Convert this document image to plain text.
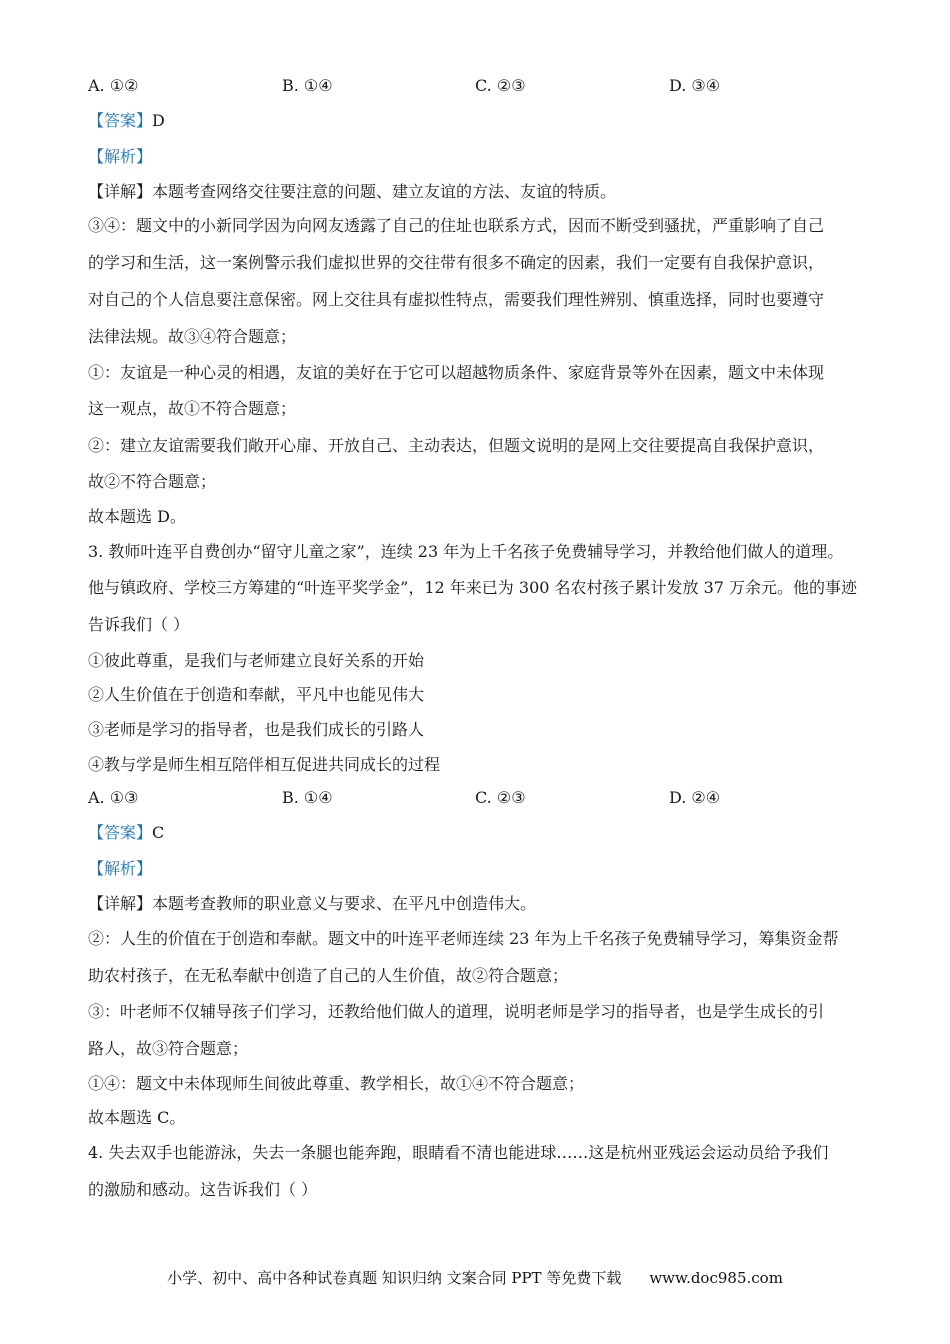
A. ①②	B. ①④	C. ②③	D. ③④
【答案】D
【解析】
【详解】本题考查网络交往要注意的问题、建立友谊的方法、友谊的特质。
③④：题文中的小新同学因为向网友透露了自己的住址也联系方式，因而不断受到骚扰，严重影响了自己
的学习和生活，这一案例警示我们虚拟世界的交往带有很多不确定的因素，我们一定要有自我保护意识，
对自己的个人信息要注意保密。网上交往具有虚拟性特点，需要我们理性辨别、慎重选择，同时也要遵守
法律法规。故③④符合题意；
①：友谊是一种心灵的相遇，友谊的美好在于它可以超越物质条件、家庭背景等外在因素，题文中未体现
这一观点，故①不符合题意；
②：建立友谊需要我们敞开心扉、开放自己、主动表达，但题文说明的是网上交往要提高自我保护意识，
故②不符合题意；
故本题选 D。
3. 教师叶连平自费创办“留守儿童之家”，连续 23 年为上千名孩子免费辅导学习，并教给他们做人的道理。
他与镇政府、学校三方筹建的“叶连平奖学金”，12 年来已为 300 名农村孩子累计发放 37 万余元。他的事迹
告诉我们（ ）
①彼此尊重，是我们与老师建立良好关系的开始
②人生价值在于创造和奉献，平凡中也能见伟大
③老师是学习的指导者，也是我们成长的引路人
④教与学是师生相互陪伴相互促进共同成长的过程
A. ①③	B. ①④	C. ②③	D. ②④
【答案】C
【解析】
【详解】本题考查教师的职业意义与要求、在平凡中创造伟大。
②：人生的价值在于创造和奉献。题文中的叶连平老师连续 23 年为上千名孩子免费辅导学习，筹集资金帮
助农村孩子，在无私奉献中创造了自己的人生价值，故②符合题意；
③：叶老师不仅辅导孩子们学习，还教给他们做人的道理，说明老师是学习的指导者，也是学生成长的引
路人，故③符合题意；
①④：题文中未体现师生间彼此尊重、教学相长，故①④不符合题意；
故本题选 C。
4. 失去双手也能游泳，失去一条腿也能奔跑，眼睛看不清也能进球……这是杭州亚残运会运动员给予我们
的激励和感动。这告诉我们（ ）
小学、初中、高中各种试卷真题 知识归纳 文案合同 PPT 等免费下载 www.doc985.com
